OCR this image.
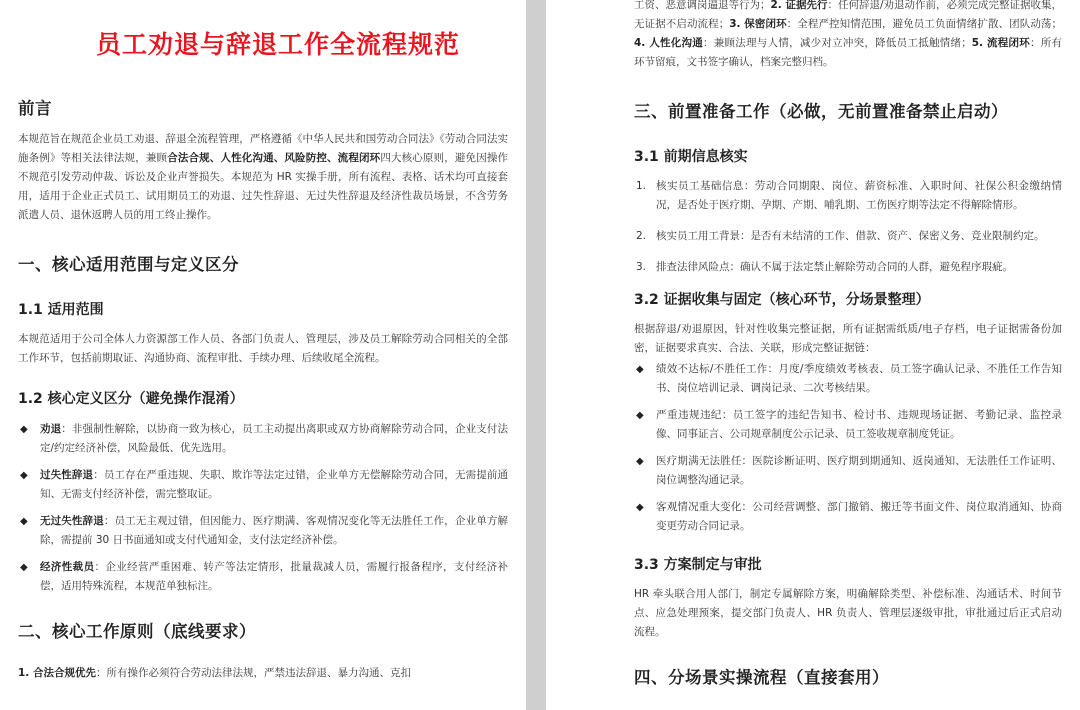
员工劝退与辞退工作全流程规范
前言

本规范旨在规范企业员工劝退、辞退全流程管理，严格遵循《中华人民共和国劳动合同法》《劳动合同法实施条例》等相关法律法规，兼顾合法合规、人性化沟通、风险防控、流程闭环四大核心原则，避免因操作不规范引发劳动仲裁、诉讼及企业声誉损失。本规范为 HR 实操手册，所有流程、表格、话术均可直接套用，适用于企业正式员工、试用期员工的劝退、过失性辞退、无过失性辞退及经济性裁员场景，不含劳务派遣人员、退休返聘人员的用工终止操作。

一、核心适用范围与定义区分
1.1 适用范围

本规范适用于公司全体人力资源部工作人员、各部门负责人、管理层，涉及员工解除劳动合同相关的全部工作环节，包括前期取证、沟通协商、流程审批、手续办理、后续收尾全流程。

1.2 核心定义区分（避免操作混淆）
◆ 劝退：非强制性解除，以协商一致为核心，员工主动提出离职或双方协商解除劳动合同，企业支付法定/约定经济补偿，风险最低、优先选用。
◆ 过失性辞退：员工存在严重违规、失职、欺诈等法定过错，企业单方无偿解除劳动合同，无需提前通知、无需支付经济补偿，需完整取证。
◆ 无过失性辞退：员工无主观过错，但因能力、医疗期满、客观情况变化等无法胜任工作，企业单方解除，需提前 30 日书面通知或支付代通知金，支付法定经济补偿。
◆ 经济性裁员：企业经营严重困难、转产等法定情形，批量裁减人员，需履行报备程序，支付经济补偿，适用特殊流程，本规范单独标注。
二、核心工作原则（底线要求）

1. 合法合规优先：所有操作必须符合劳动法律法规，严禁违法辞退、暴力沟通、克扣

工资、恶意调岗逼退等行为；2. 证据先行：任何辞退/劝退动作前，必须完成完整证据收集，无证据不启动流程；3. 保密闭环：全程严控知情范围，避免员工负面情绪扩散、团队动荡；4. 人性化沟通：兼顾法理与人情，减少对立冲突，降低员工抵触情绪；5. 流程闭环：所有环节留痕，文书签字确认，档案完整归档。

三、前置准备工作（必做，无前置准备禁止启动）
3.1 前期信息核实
1. 核实员工基础信息：劳动合同期限、岗位、薪资标准、入职时间、社保公积金缴纳情况，是否处于医疗期、孕期、产期、哺乳期、工伤医疗期等法定不得解除情形。
2. 核实员工用工背景：是否有未结清的工作、借款、资产、保密义务、竞业限制约定。
3. 排查法律风险点：确认不属于法定禁止解除劳动合同的人群，避免程序瑕疵。
3.2 证据收集与固定（核心环节，分场景整理）

根据辞退/劝退原因，针对性收集完整证据，所有证据需纸质/电子存档，电子证据需备份加密，证据要求真实、合法、关联，形成完整证据链：

◆ 绩效不达标/不胜任工作：月度/季度绩效考核表、员工签字确认记录、不胜任工作告知书、岗位培训记录、调岗记录、二次考核结果。
◆ 严重违规违纪：员工签字的违纪告知书、检讨书、违规现场证据、考勤记录、监控录像、同事证言、公司规章制度公示记录、员工签收规章制度凭证。
◆ 医疗期满无法胜任：医院诊断证明、医疗期到期通知、返岗通知、无法胜任工作证明、岗位调整沟通记录。
◆ 客观情况重大变化：公司经营调整、部门撤销、搬迁等书面文件、岗位取消通知、协商变更劳动合同记录。
3.3 方案制定与审批

HR 牵头联合用人部门，制定专属解除方案，明确解除类型、补偿标准、沟通话术、时间节点、应急处理预案，提交部门负责人、HR 负责人、管理层逐级审批，审批通过后正式启动流程。

四、分场景实操流程（直接套用）
